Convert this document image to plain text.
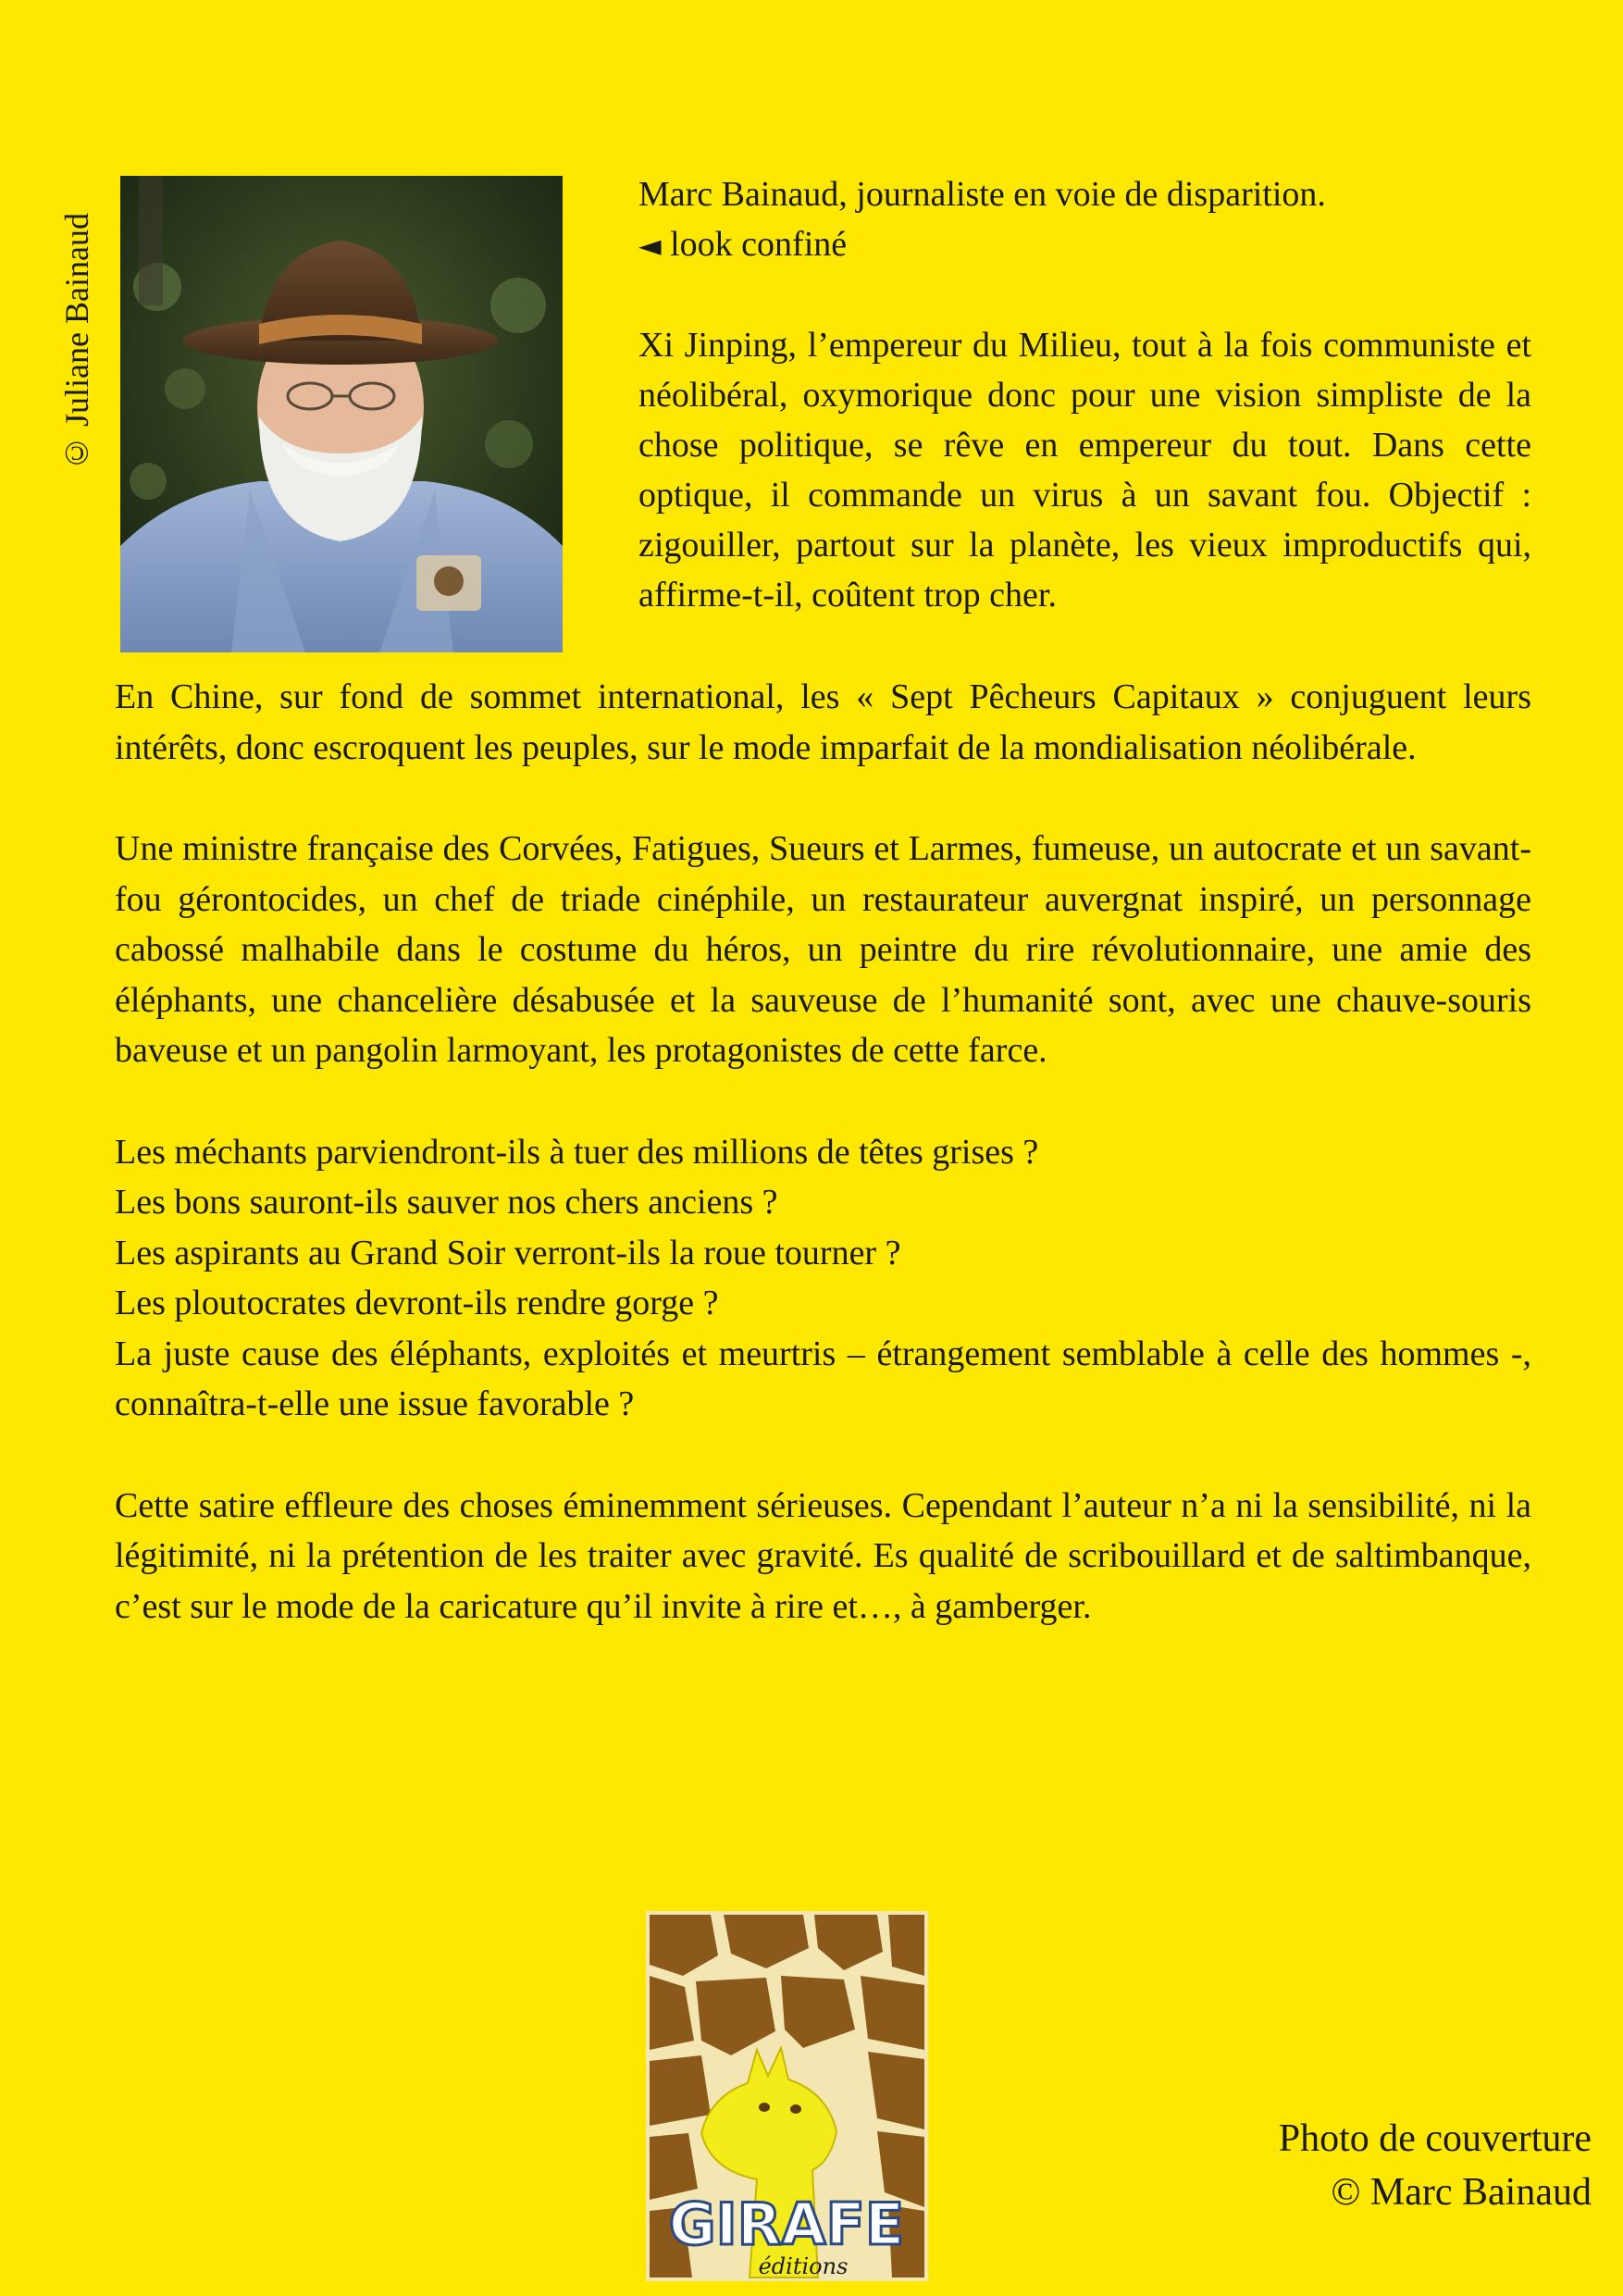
© Juliane Bainaud

Marc Bainaud, journaliste en voie de disparition.

◄ look confiné

Xi Jinping, l’empereur du Milieu, tout à la fois communiste et néolibéral, oxymorique donc pour une vision simpliste de la chose politique, se rêve en empereur du tout. Dans cette optique, il commande un virus à un savant fou. Objectif : zigouiller, partout sur la planète, les vieux improductifs qui, affirme-t-il, coûtent trop cher.

En Chine, sur fond de sommet international, les « Sept Pêcheurs Capitaux » conjuguent leurs intérêts, donc escroquent les peuples, sur le mode imparfait de la mondialisation néolibérale.

Une ministre française des Corvées, Fatigues, Sueurs et Larmes, fumeuse, un autocrate et un savant-fou gérontocides, un chef de triade cinéphile, un restaurateur auvergnat inspiré, un personnage cabossé malhabile dans le costume du héros, un peintre du rire révolutionnaire, une amie des éléphants, une chancelière désabusée et la sauveuse de l’humanité sont, avec une chauve-souris baveuse et un pangolin larmoyant, les protagonistes de cette farce.

Les méchants parviendront-ils à tuer des millions de têtes grises ?
Les bons sauront-ils sauver nos chers anciens ?
Les aspirants au Grand Soir verront-ils la roue tourner ?
Les ploutocrates devront-ils rendre gorge ?
La juste cause des éléphants, exploités et meurtris – étrangement semblable à celle des hommes -, connaîtra-t-elle une issue favorable ?

Cette satire effleure des choses éminemment sérieuses. Cependant l’auteur n’a ni la sensibilité, ni la légitimité, ni la prétention de les traiter avec gravité. Es qualité de scribouillard et de saltimbanque, c’est sur le mode de la caricature qu’il invite à rire et…, à gamberger.

GIRAFE
éditions
Photo de couverture
© Marc Bainaud
